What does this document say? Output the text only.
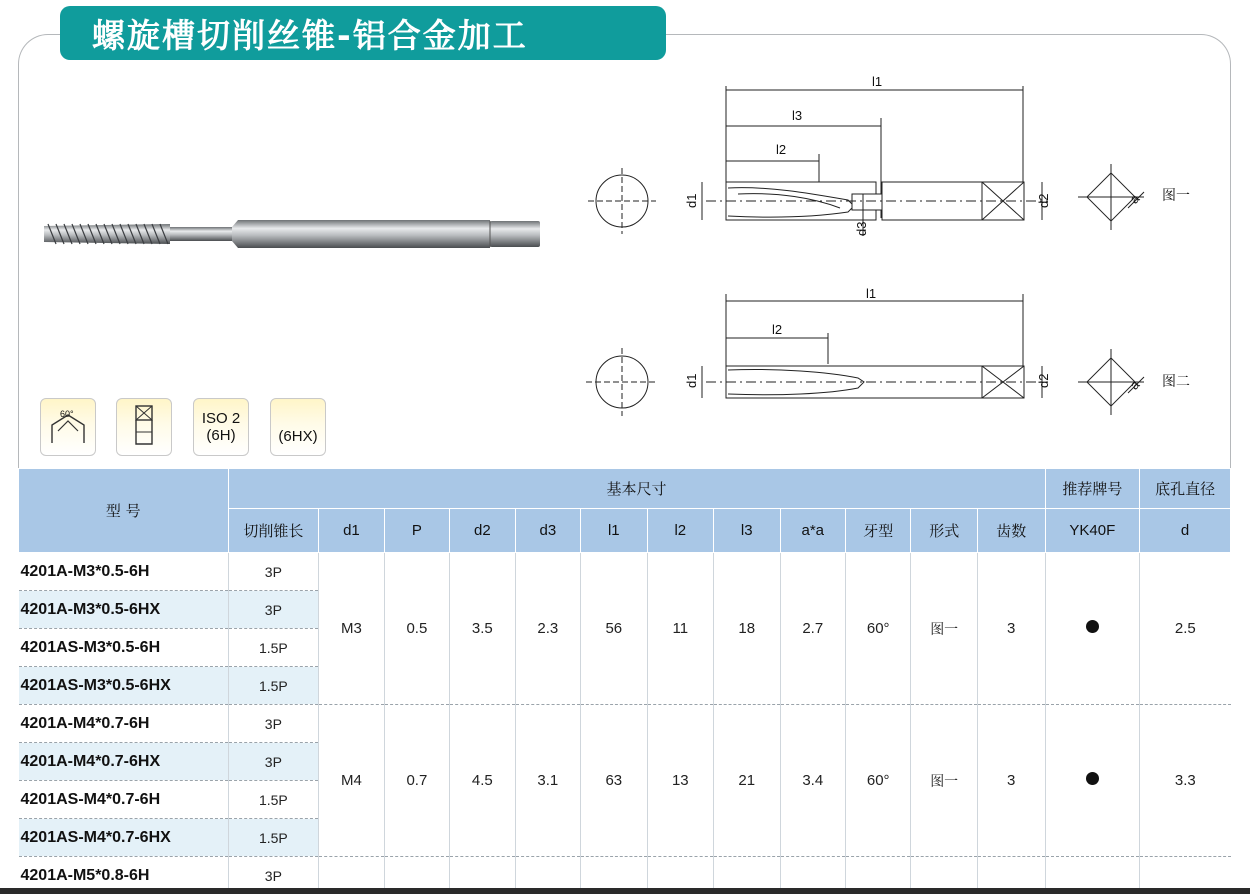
螺旋槽切削丝锥-铝合金加工
l1
l3
l2
d1	d2
d3
a 图一
l1
l2
d1	d2	a 图二
60°	ISO 2
(6H)	(6HX)
型 号	基本尺寸												推荐牌号	底孔直径
	切削锥长	d1	P	d2	d3	l1	l2	l3	a*a	牙型	形式	齿数	YK40F	d
4201A-M3*0.5-6H	3P	M3	0.5	3.5	2.3	56	11	18	2.7	60°	图一	3		2.5
4201A-M3*0.5-6HX	3P													
4201AS-M3*0.5-6H	1.5P													
4201AS-M3*0.5-6HX	1.5P													
4201A-M4*0.7-6H	3P	M4	0.7	4.5	3.1	63	13	21	3.4	60°	图一	3		3.3
4201A-M4*0.7-6HX	3P													
4201AS-M4*0.7-6H	1.5P													
4201AS-M4*0.7-6HX	1.5P													
4201A-M5*0.8-6H	3P													
